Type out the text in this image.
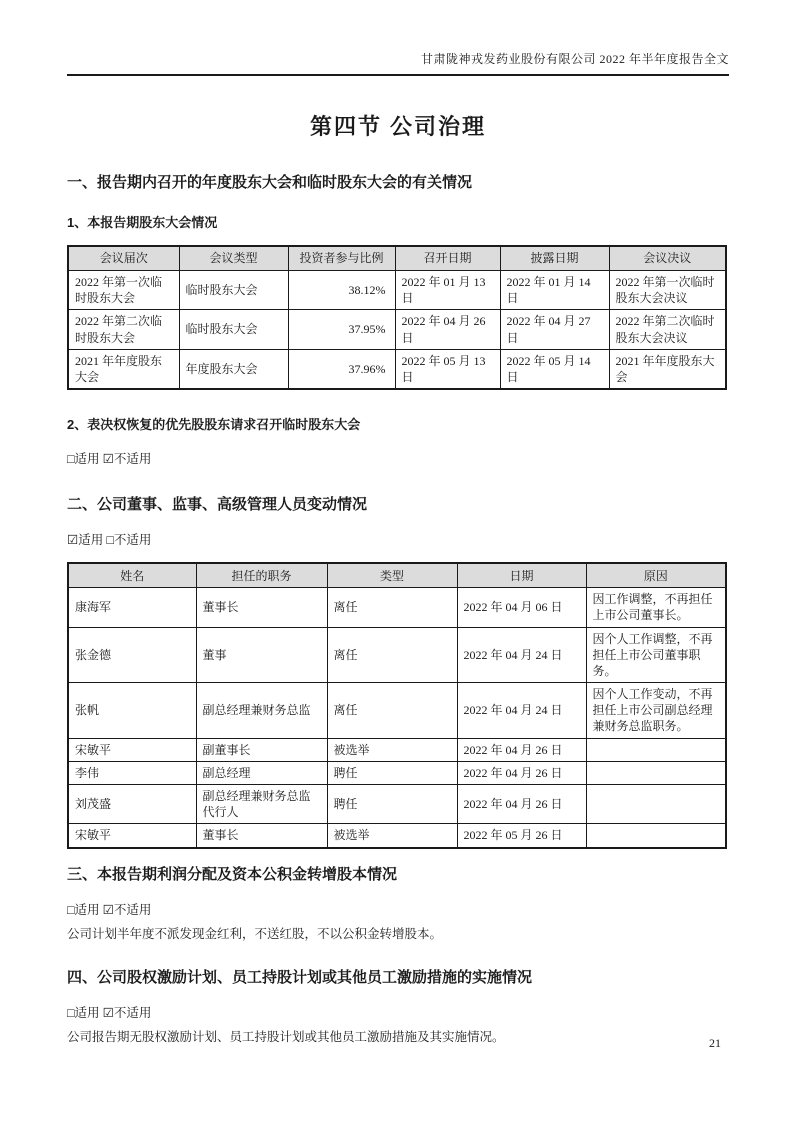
甘肃陇神戎发药业股份有限公司 2022 年半年度报告全文
第四节 公司治理
一、报告期内召开的年度股东大会和临时股东大会的有关情况
1、本报告期股东大会情况
会议届次	会议类型	投资者参与比例	召开日期	披露日期	会议决议
2022 年第一次临时股东大会	临时股东大会	38.12%	2022 年 01 月 13 日	2022 年 01 月 14 日	2022 年第一次临时股东大会决议
2022 年第二次临时股东大会	临时股东大会	37.95%	2022 年 04 月 26 日	2022 年 04 月 27 日	2022 年第二次临时股东大会决议
2021 年年度股东大会	年度股东大会	37.96%	2022 年 05 月 13 日	2022 年 05 月 14 日	2021 年年度股东大会
2、表决权恢复的优先股股东请求召开临时股东大会
□适用 ☑不适用
二、公司董事、监事、高级管理人员变动情况
☑适用 □不适用
姓名	担任的职务	类型	日期	原因
康海军	董事长	离任	2022 年 04 月 06 日	因工作调整，不再担任上市公司董事长。
张金德	董事	离任	2022 年 04 月 24 日	因个人工作调整，不再担任上市公司董事职务。
张帆	副总经理兼财务总监	离任	2022 年 04 月 24 日	因个人工作变动，不再担任上市公司副总经理兼财务总监职务。
宋敏平	副董事长	被选举	2022 年 04 月 26 日	
李伟	副总经理	聘任	2022 年 04 月 26 日	
刘茂盛	副总经理兼财务总监代行人	聘任	2022 年 04 月 26 日	
宋敏平	董事长	被选举	2022 年 05 月 26 日	
三、本报告期利润分配及资本公积金转增股本情况
□适用 ☑不适用
公司计划半年度不派发现金红利，不送红股，不以公积金转增股本。
四、公司股权激励计划、员工持股计划或其他员工激励措施的实施情况
□适用 ☑不适用
公司报告期无股权激励计划、员工持股计划或其他员工激励措施及其实施情况。	21
